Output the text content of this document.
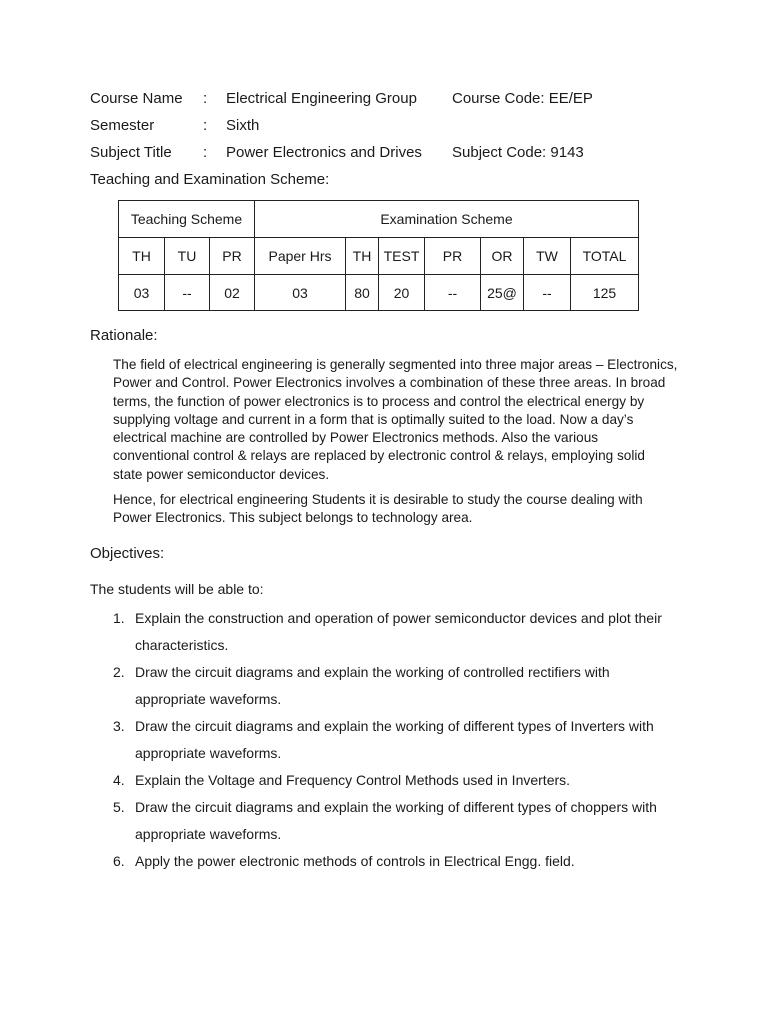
Course Name : Electrical Engineering Group Course Code: EE/EP
Semester	: Sixth
Subject Title : Power Electronics and Drives Subject Code: 9143
Teaching and Examination Scheme:
Teaching Scheme			Examination Scheme						
TH	TU	PR	Paper Hrs	TH	TEST	PR	OR	TW	TOTAL
03	--	02	03	80	20	--	25@	--	125
Rationale:

The field of electrical engineering is generally segmented into three major areas – Electronics, Power and Control. Power Electronics involves a combination of these three areas. In broad terms, the function of power electronics is to process and control the electrical energy by supplying voltage and current in a form that is optimally suited to the load. Now a day’s electrical machine are controlled by Power Electronics methods. Also the various conventional control & relays are replaced by electronic control & relays, employing solid state power semiconductor devices.

Hence, for electrical engineering Students it is desirable to study the course dealing with Power Electronics. This subject belongs to technology area.

Objectives:
The students will be able to:
1. Explain the construction and operation of power semiconductor devices and plot their characteristics.
2. Draw the circuit diagrams and explain the working of controlled rectifiers with appropriate waveforms.
3. Draw the circuit diagrams and explain the working of different types of Inverters with appropriate waveforms.
4. Explain the Voltage and Frequency Control Methods used in Inverters.
5. Draw the circuit diagrams and explain the working of different types of choppers with appropriate waveforms.
6. Apply the power electronic methods of controls in Electrical Engg. field.
